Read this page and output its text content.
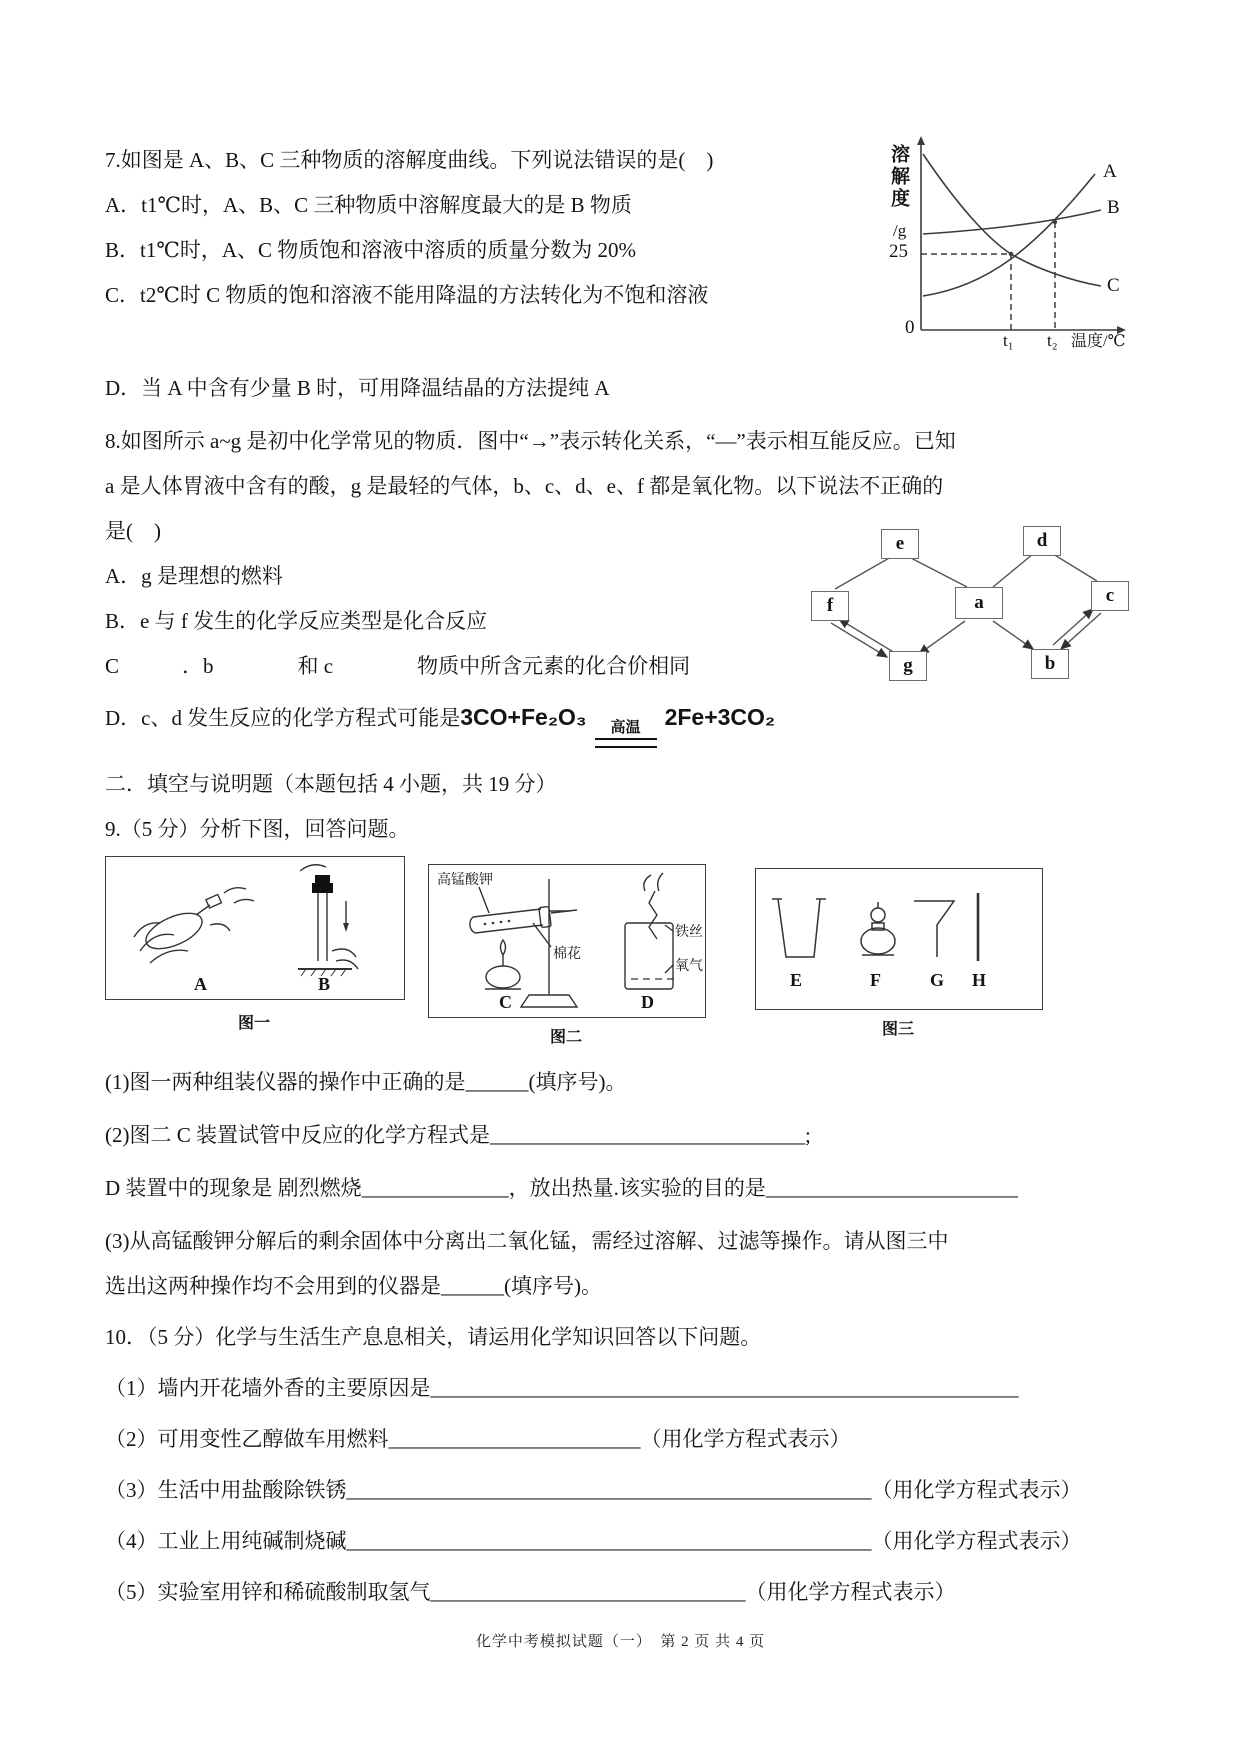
溶解度
/g
25
0
t₁ t₂ 温度/℃
A
B
C
7.如图是 A、B、C 三种物质的溶解度曲线。下列说法错误的是(　)
A．t1℃时，A、B、C 三种物质中溶解度最大的是 B 物质
B．t1℃时，A、C 物质饱和溶液中溶质的质量分数为 20%
C．t2℃时 C 物质的饱和溶液不能用降温的方法转化为不饱和溶液
D．当 A 中含有少量 B 时，可用降温结晶的方法提纯 A
8.如图所示 a~g 是初中化学常见的物质．图中“→”表示转化关系，“—”表示相互能反应。已知
a 是人体胃液中含有的酸，g 是最轻的气体，b、c、d、e、f 都是氧化物。以下说法不正确的
e	d
f	a	c
g	b
是(　)
A．g 是理想的燃料
B．e 与 f 发生的化学反应类型是化合反应
C　　　．b　　　　和 c　　　　物质中所含元素的化合价相同
D．c、d 发生反应的化学方程式可能是3CO+Fe₂O₃ 高温 2Fe+3CO₂
二．填空与说明题（本题包括 4 小题，共 19 分）
9.（5 分）分析下图，回答问题。
A	B
图一
高锰酸钾
棉花
铁丝
氧气
C	D
图二
E	F	G H
图三
(1)图一两种组装仪器的操作中正确的是______(填序号)。
(2)图二 C 装置试管中反应的化学方程式是______________________________;
D 装置中的现象是 剧烈燃烧______________，放出热量.该实验的目的是________________________
(3)从高锰酸钾分解后的剩余固体中分离出二氧化锰，需经过溶解、过滤等操作。请从图三中
选出这两种操作均不会用到的仪器是______(填序号)。
10．（5 分）化学与生活生产息息相关，请运用化学知识回答以下问题。
（1）墙内开花墙外香的主要原因是________________________________________________________
（2）可用变性乙醇做车用燃料________________________（用化学方程式表示）
（3）生活中用盐酸除铁锈__________________________________________________（用化学方程式表示）
（4）工业上用纯碱制烧碱__________________________________________________（用化学方程式表示）
（5）实验室用锌和稀硫酸制取氢气______________________________（用化学方程式表示）
化学中考模拟试题（一）　第 2 页 共 4 页
